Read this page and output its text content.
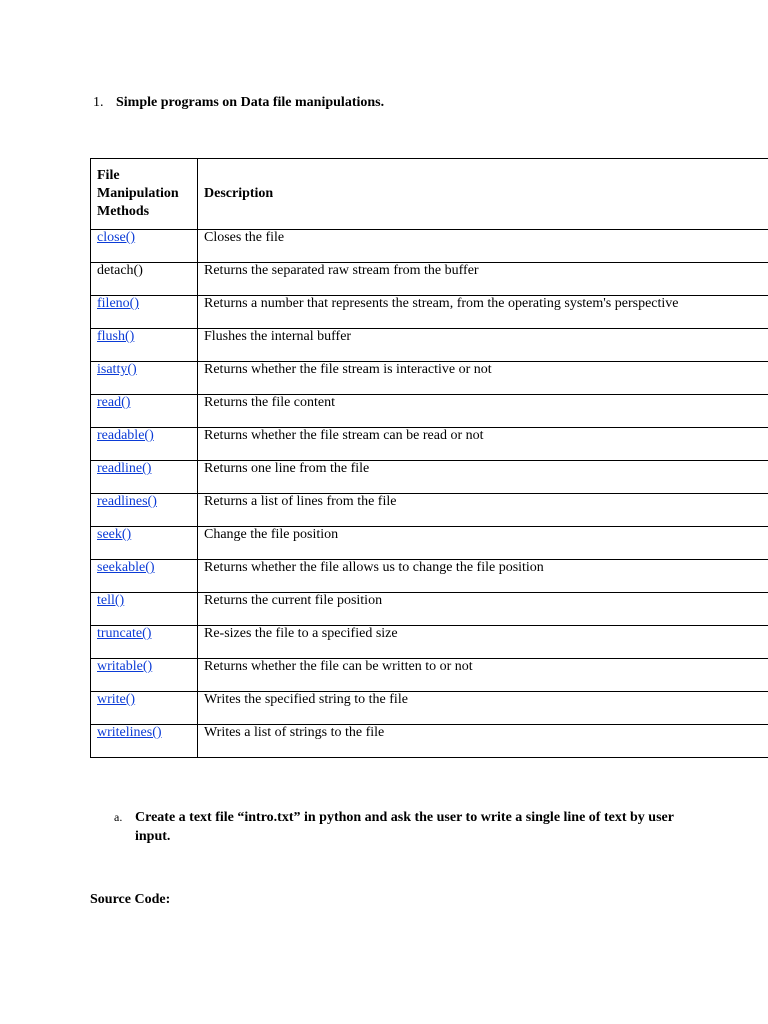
1. Simple programs on Data file manipulations.
File Manipulation Methods	Description

close()	Closes the file

detach()	Returns the separated raw stream from the buffer

fileno()	Returns a number that represents the stream, from the operating system's perspective

flush()	Flushes the internal buffer

isatty()	Returns whether the file stream is interactive or not

read()	Returns the file content

readable()	Returns whether the file stream can be read or not

readline()	Returns one line from the file

readlines()	Returns a list of lines from the file

seek()	Change the file position

seekable()	Returns whether the file allows us to change the file position

tell()	Returns the current file position

truncate()	Re-sizes the file to a specified size

writable()	Returns whether the file can be written to or not

write()	Writes the specified string to the file

writelines()	Writes a list of strings to the file
a. Create a text file “intro.txt” in python and ask the user to write a single line of text by user input.
Source Code:
